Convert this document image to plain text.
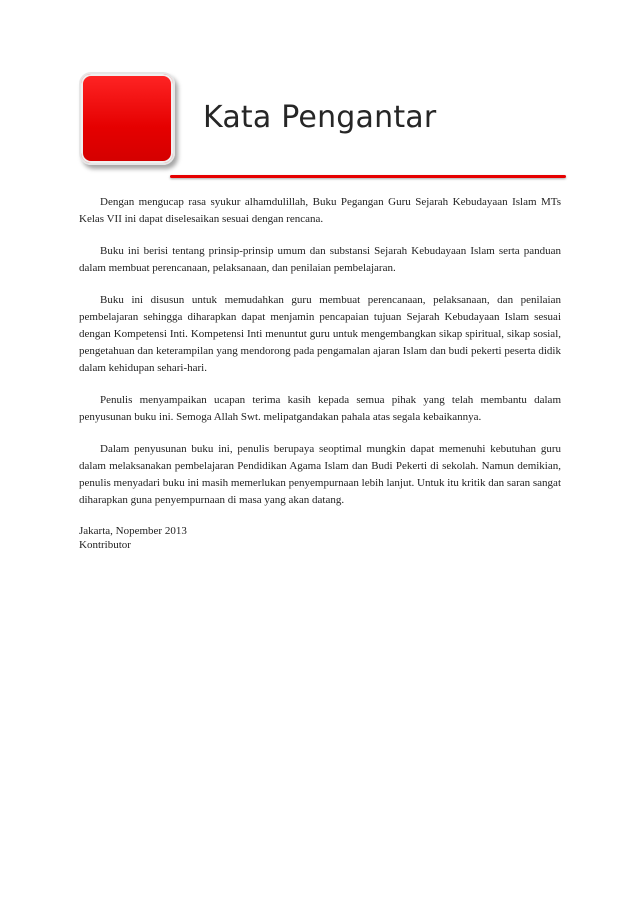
Kata Pengantar

Dengan mengucap rasa syukur alhamdulillah, Buku Pegangan Guru Sejarah Kebudayaan Islam MTs Kelas VII ini dapat diselesaikan sesuai dengan rencana.

Buku ini berisi tentang prinsip-prinsip umum dan substansi Sejarah Kebudayaan Islam serta panduan dalam membuat perencanaan, pelaksanaan, dan penilaian pembelajaran.

Buku ini disusun untuk memudahkan guru membuat perencanaan, pelaksanaan, dan penilaian pembelajaran sehingga diharapkan dapat menjamin pencapaian tujuan Sejarah Kebudayaan Islam sesuai dengan Kompetensi Inti. Kompetensi Inti menuntut guru untuk mengembangkan sikap spiritual, sikap sosial, pengetahuan dan keterampilan yang mendorong pada pengamalan ajaran Islam dan budi pekerti peserta didik dalam kehidupan sehari-hari.

Penulis menyampaikan ucapan terima kasih kepada semua pihak yang telah membantu dalam penyusunan buku ini. Semoga Allah Swt. melipatgandakan pahala atas segala kebaikannya.

Dalam penyusunan buku ini, penulis berupaya seoptimal mungkin dapat memenuhi kebutuhan guru dalam melaksanakan pembelajaran Pendidikan Agama Islam dan Budi Pekerti di sekolah. Namun demikian, penulis menyadari buku ini masih memerlukan penyempurnaan lebih lanjut. Untuk itu kritik dan saran sangat diharapkan guna penyempurnaan di masa yang akan datang.

Jakarta, Nopember 2013
Kontributor
